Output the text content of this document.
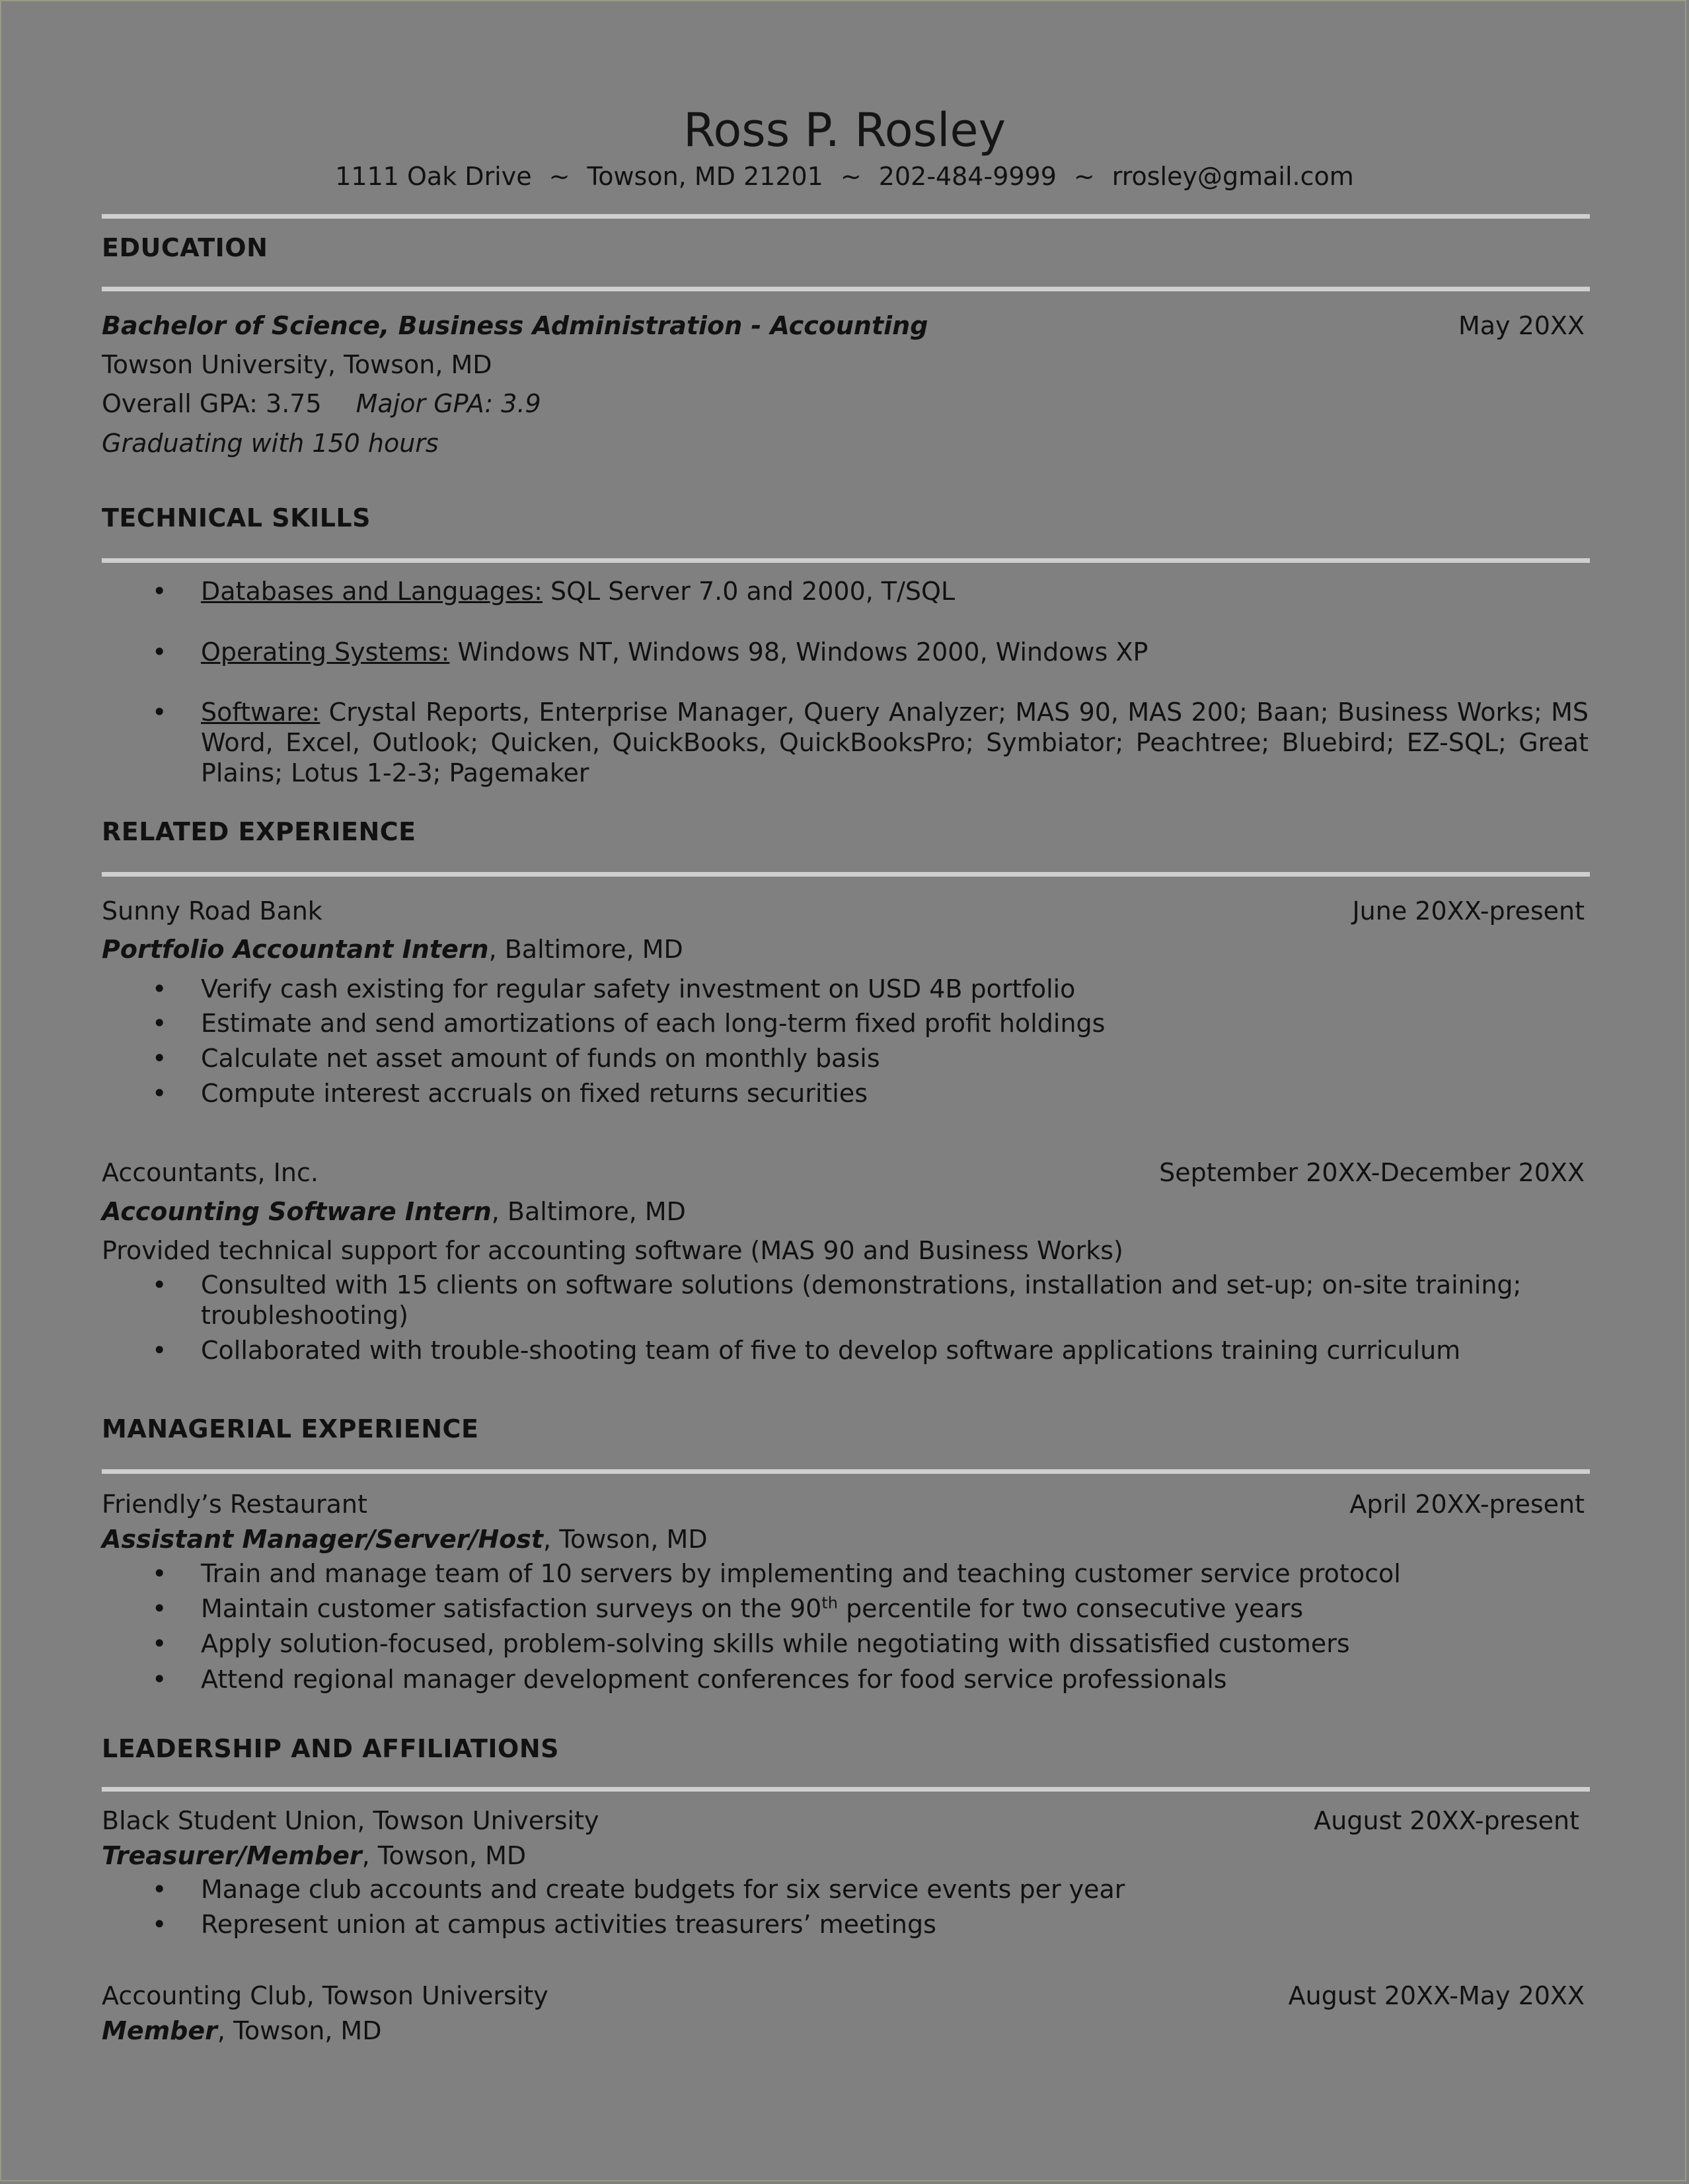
Ross P. Rosley
1111 Oak Drive ~ Towson, MD 21201 ~ 202-484-9999 ~ rrosley@gmail.com
EDUCATION
Bachelor of Science, Business Administration - Accounting	May 20XX
Towson University, Towson, MD
Overall GPA: 3.75 Major GPA: 3.9
Graduating with 150 hours
TECHNICAL SKILLS
• Databases and Languages: SQL Server 7.0 and 2000, T/SQL
• Operating Systems: Windows NT, Windows 98, Windows 2000, Windows XP
• Software: Crystal Reports, Enterprise Manager, Query Analyzer; MAS 90, MAS 200; Baan; Business Works; MS Word, Excel, Outlook; Quicken, QuickBooks, QuickBooksPro; Symbiator; Peachtree; Bluebird; EZ-SQL; Great Plains; Lotus 1-2-3; Pagemaker
RELATED EXPERIENCE
Sunny Road Bank	June 20XX-present
Portfolio Accountant Intern, Baltimore, MD
• Verify cash existing for regular safety investment on USD 4B portfolio
• Estimate and send amortizations of each long-term fixed profit holdings
• Calculate net asset amount of funds on monthly basis
• Compute interest accruals on fixed returns securities
Accountants, Inc.	September 20XX-December 20XX
Accounting Software Intern, Baltimore, MD
Provided technical support for accounting software (MAS 90 and Business Works)
• Consulted with 15 clients on software solutions (demonstrations, installation and set-up; on-site training; troubleshooting)
• Collaborated with trouble-shooting team of five to develop software applications training curriculum
MANAGERIAL EXPERIENCE
Friendly’s Restaurant	April 20XX-present
Assistant Manager/Server/Host, Towson, MD
• Train and manage team of 10 servers by implementing and teaching customer service protocol
• Maintain customer satisfaction surveys on the 90th percentile for two consecutive years
• Apply solution-focused, problem-solving skills while negotiating with dissatisfied customers
• Attend regional manager development conferences for food service professionals
LEADERSHIP AND AFFILIATIONS
Black Student Union, Towson University	August 20XX-present
Treasurer/Member, Towson, MD
• Manage club accounts and create budgets for six service events per year
• Represent union at campus activities treasurers’ meetings
Accounting Club, Towson University	August 20XX-May 20XX
Member, Towson, MD
